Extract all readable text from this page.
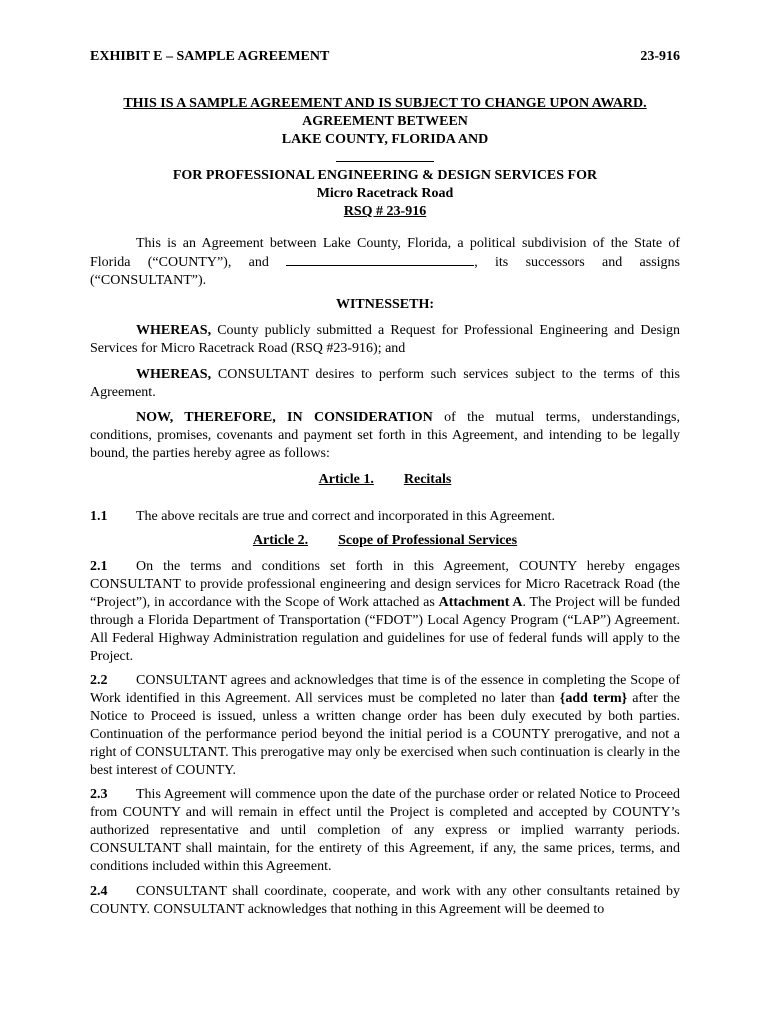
EXHIBIT E – SAMPLE AGREEMENT	23-916
THIS IS A SAMPLE AGREEMENT AND IS SUBJECT TO CHANGE UPON AWARD.
AGREEMENT BETWEEN
LAKE COUNTY, FLORIDA AND
FOR PROFESSIONAL ENGINEERING & DESIGN SERVICES FOR
Micro Racetrack Road
RSQ # 23-916

This is an Agreement between Lake County, Florida, a political subdivision of the State of Florida (“COUNTY”), and	, its successors and assigns (“CONSULTANT”).

WITNESSETH:

WHEREAS, County publicly submitted a Request for Professional Engineering and Design Services for Micro Racetrack Road (RSQ #23-916); and

WHEREAS, CONSULTANT desires to perform such services subject to the terms of this Agreement.

NOW, THEREFORE, IN CONSIDERATION of the mutual terms, understandings, conditions, promises, covenants and payment set forth in this Agreement, and intending to be legally bound, the parties hereby agree as follows:

Article 1. Recitals

1.1 The above recitals are true and correct and incorporated in this Agreement.

Article 2. Scope of Professional Services

2.1 On the terms and conditions set forth in this Agreement, COUNTY hereby engages CONSULTANT to provide professional engineering and design services for Micro Racetrack Road (the “Project”), in accordance with the Scope of Work attached as Attachment A. The Project will be funded through a Florida Department of Transportation (“FDOT”) Local Agency Program (“LAP”) Agreement. All Federal Highway Administration regulation and guidelines for use of federal funds will apply to the Project.

2.2 CONSULTANT agrees and acknowledges that time is of the essence in completing the Scope of Work identified in this Agreement. All services must be completed no later than {add term} after the Notice to Proceed is issued, unless a written change order has been duly executed by both parties. Continuation of the performance period beyond the initial period is a COUNTY prerogative, and not a right of CONSULTANT. This prerogative may only be exercised when such continuation is clearly in the best interest of COUNTY.

2.3 This Agreement will commence upon the date of the purchase order or related Notice to Proceed from COUNTY and will remain in effect until the Project is completed and accepted by COUNTY’s authorized representative and until completion of any express or implied warranty periods. CONSULTANT shall maintain, for the entirety of this Agreement, if any, the same prices, terms, and conditions included within this Agreement.

2.4 CONSULTANT shall coordinate, cooperate, and work with any other consultants retained by COUNTY. CONSULTANT acknowledges that nothing in this Agreement will be deemed to
